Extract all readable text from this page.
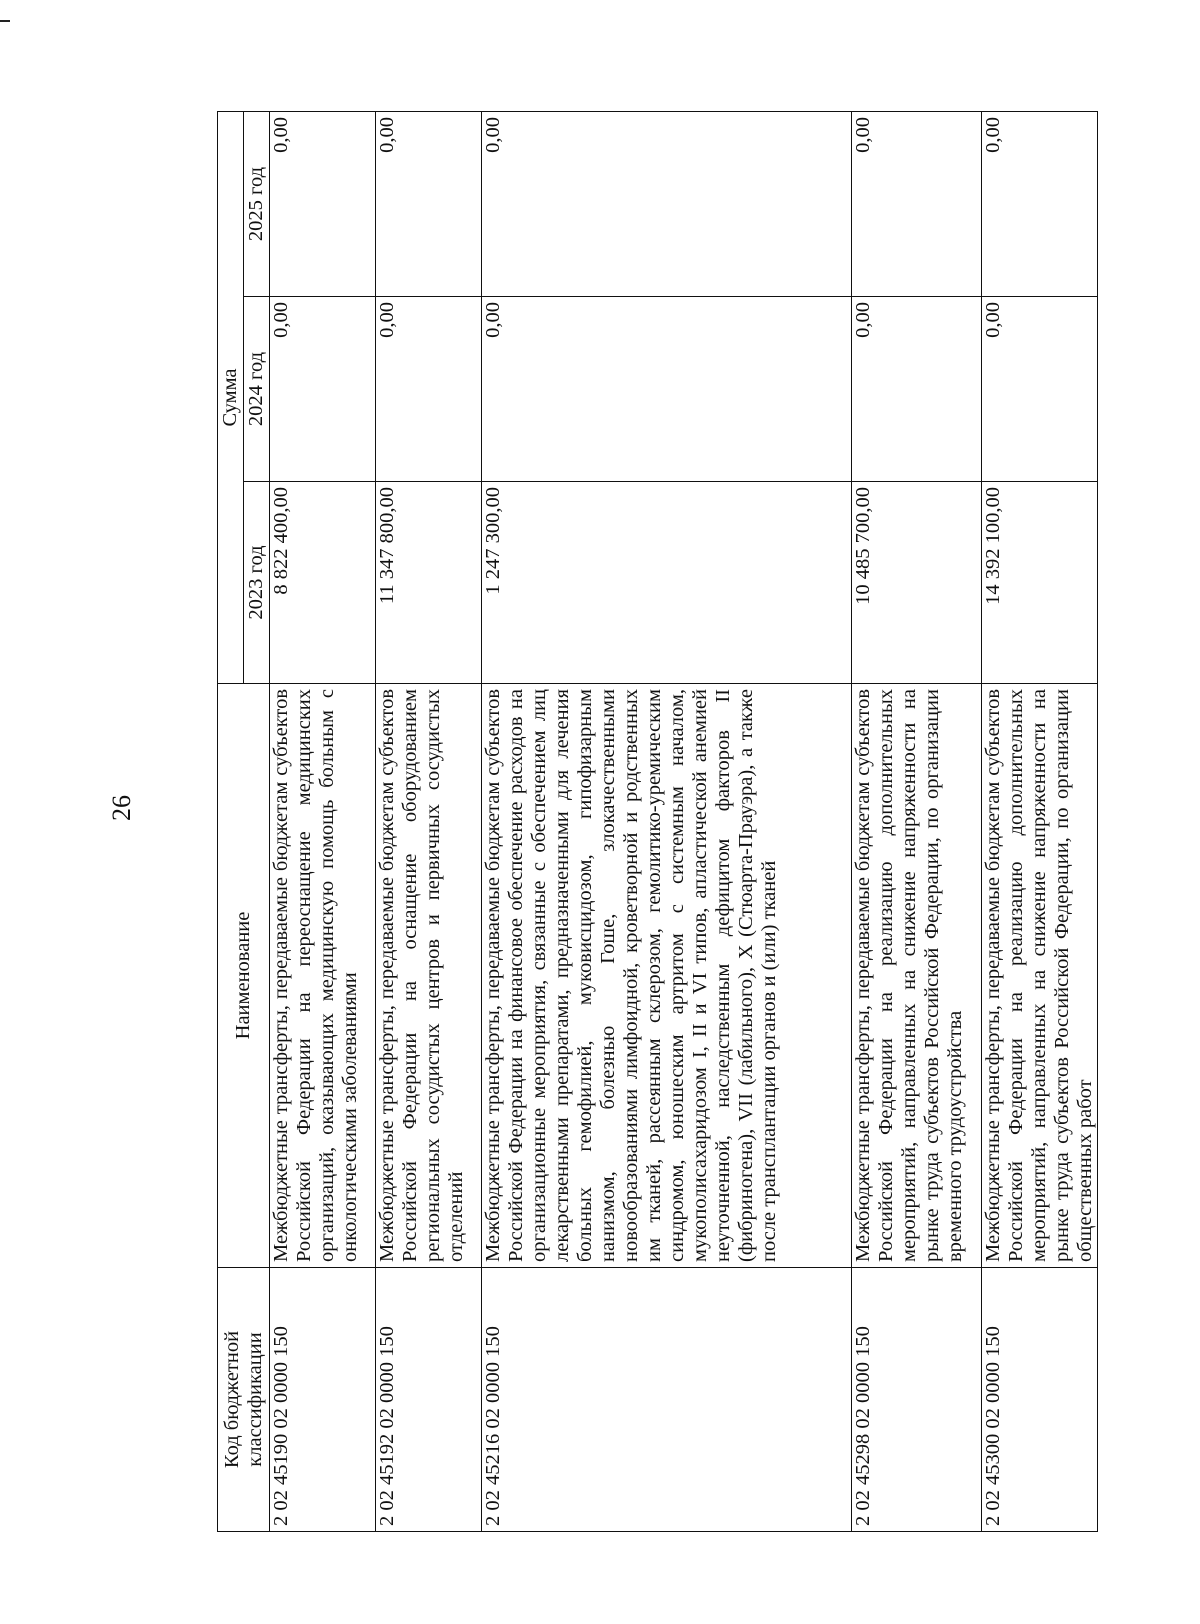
26
Код бюджетной классификации	Наименование	Сумма		
		2023 год	2024 год	2025 год
2 02 45190 02 0000 150	Межбюджетные трансферты, передаваемые бюджетам субъектов Российской Федерации на переоснащение медицинских организаций, оказывающих медицинскую помощь больным с онкологическими заболеваниями	8 822 400,00	0,00	0,00
2 02 45192 02 0000 150	Межбюджетные трансферты, передаваемые бюджетам субъектов Российской Федерации на оснащение оборудованием региональных сосудистых центров и первичных сосудистых отделений	11 347 800,00	0,00	0,00
2 02 45216 02 0000 150	Межбюджетные трансферты, передаваемые бюджетам субъектов Российской Федерации на финансовое обеспечение расходов на организационные мероприятия, связанные с обеспечением лиц лекарственными препаратами, предназначенными для лечения больных гемофилией, муковисцидозом, гипофизарным нанизмом, болезнью Гоше, злокачественными новообразованиями лимфоидной, кроветворной и родственных им тканей, рассеянным склерозом, гемолитико-уремическим синдромом, юношеским артритом с системным началом, мукополисахаридозом I, II и VI типов, апластической анемией неуточненной, наследственным дефицитом факторов II (фибриногена), VII (лабильного), X (Стюарта-Прауэра), а также после трансплантации органов и (или) тканей	1 247 300,00	0,00	0,00
2 02 45298 02 0000 150	Межбюджетные трансферты, передаваемые бюджетам субъектов Российской Федерации на реализацию дополнительных мероприятий, направленных на снижение напряженности на рынке труда субъектов Российской Федерации, по организации временного трудоустройства	10 485 700,00	0,00	0,00
2 02 45300 02 0000 150	Межбюджетные трансферты, передаваемые бюджетам субъектов Российской Федерации на реализацию дополнительных мероприятий, направленных на снижение напряженности на рынке труда субъектов Российской Федерации, по организации общественных работ	14 392 100,00	0,00	0,00
